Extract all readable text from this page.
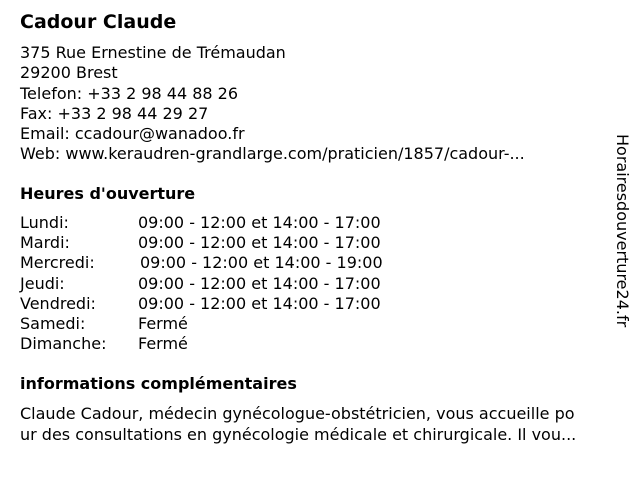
Cadour Claude
375 Rue Ernestine de Trémaudan
29200 Brest
Telefon: +33 2 98 44 88 26
Fax: +33 2 98 44 29 27
Email: ccadour@wanadoo.fr
Web: www.keraudren-grandlarge.com/praticien/1857/cadour-...
Heures d'ouverture
Lundi:	09:00 - 12:00 et 14:00 - 17:00
Mardi:	09:00 - 12:00 et 14:00 - 17:00
Mercredi:	09:00 - 12:00 et 14:00 - 19:00
Jeudi:	09:00 - 12:00 et 14:00 - 17:00
Vendredi:	09:00 - 12:00 et 14:00 - 17:00
Samedi:	Fermé
Dimanche:	Fermé
informations complémentaires
Claude Cadour, médecin gynécologue-obstétricien, vous accueille po
ur des consultations en gynécologie médicale et chirurgicale. Il vou...
Horairesdouverture24.fr
